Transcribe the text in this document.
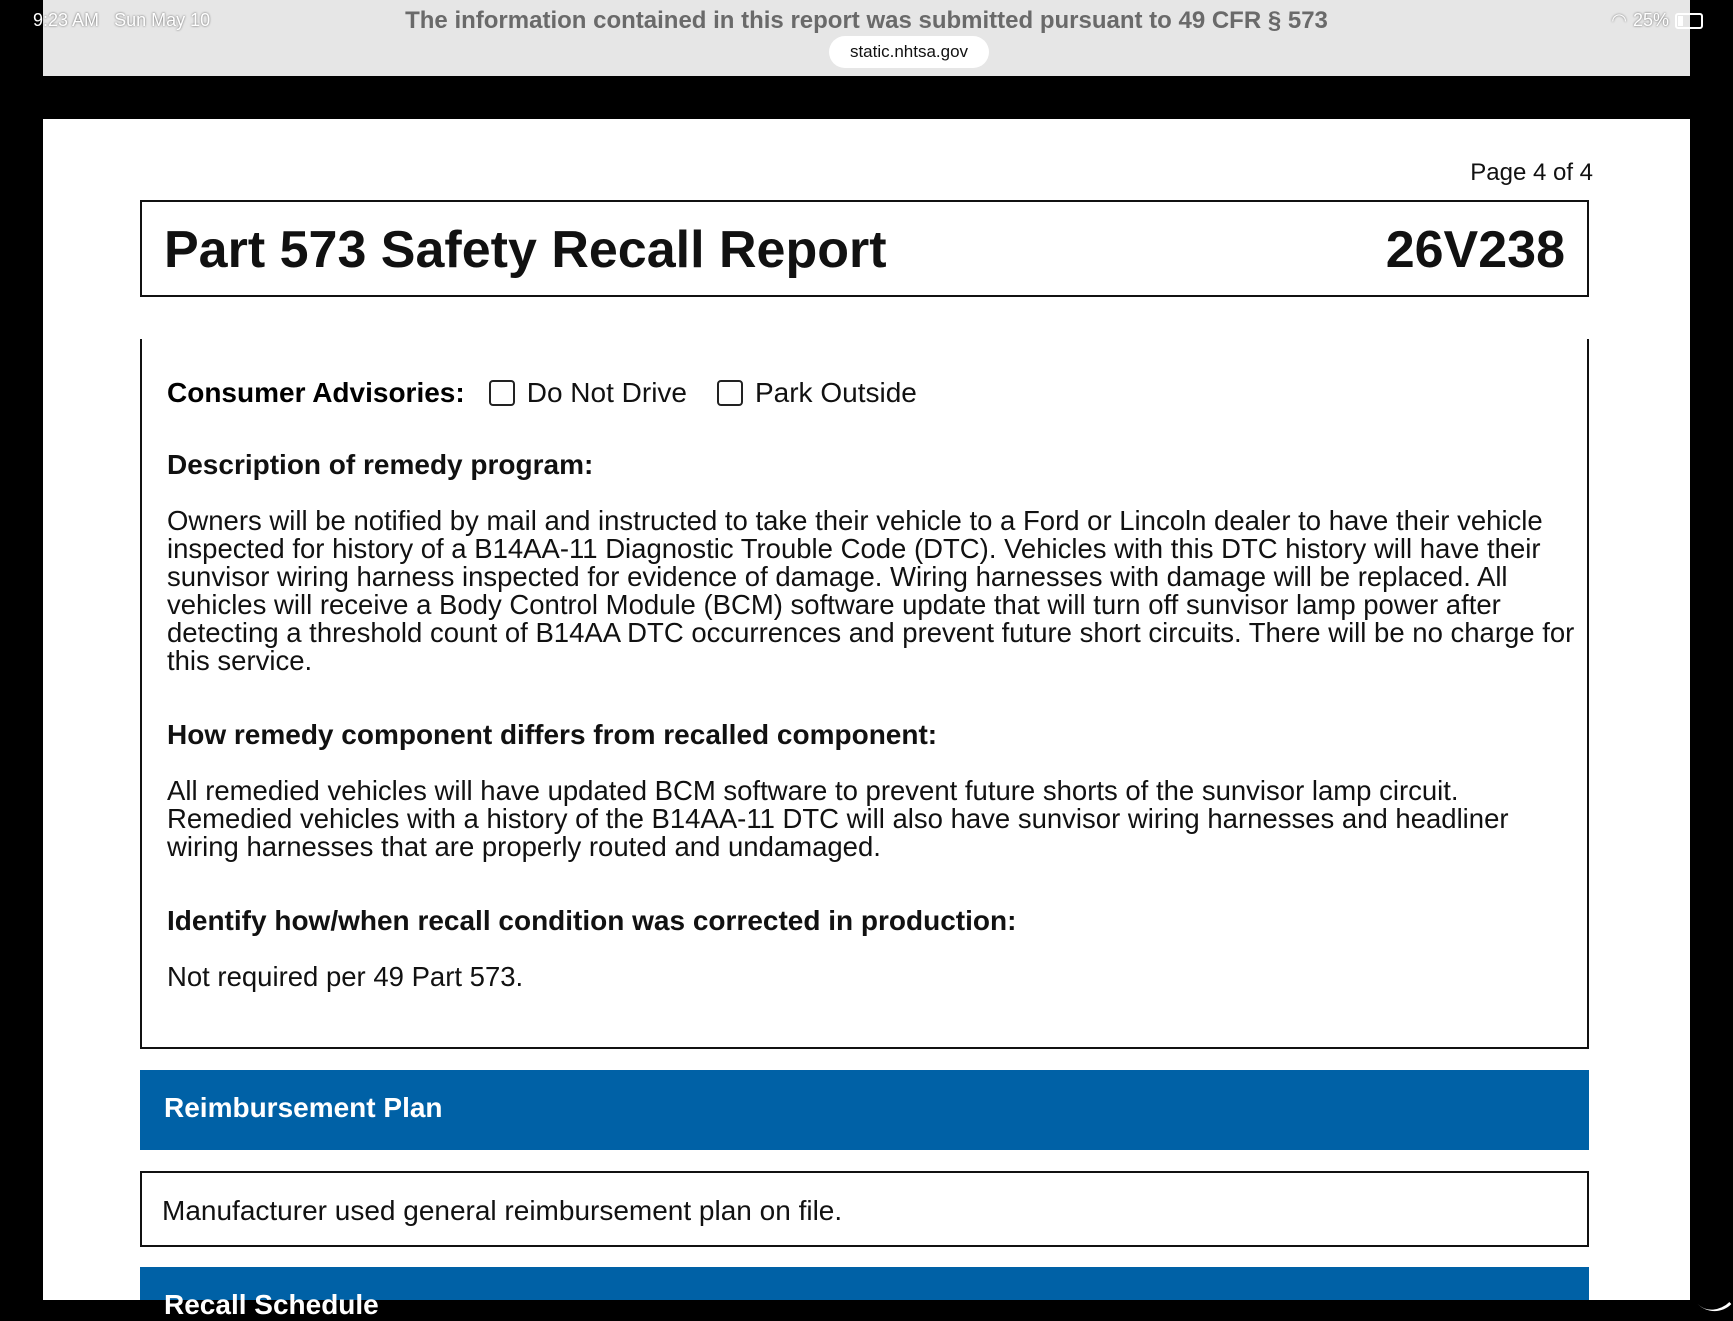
The information contained in this report was submitted pursuant to 49 CFR § 573
static.nhtsa.gov
9:23 AM Sun May 10	◠ 25%
Page 4 of 4
Part 573 Safety Recall Report	26V238
Consumer Advisories: Do Not Drive Park Outside
Description of remedy program:
Owners will be notified by mail and instructed to take their vehicle to a Ford or Lincoln dealer to have their vehicle inspected for history of a B14AA-11 Diagnostic Trouble Code (DTC). Vehicles with this DTC history will have their sunvisor wiring harness inspected for evidence of damage. Wiring harnesses with damage will be replaced. All vehicles will receive a Body Control Module (BCM) software update that will turn off sunvisor lamp power after detecting a threshold count of B14AA DTC occurrences and prevent future short circuits. There will be no charge for this service.
How remedy component differs from recalled component:
All remedied vehicles will have updated BCM software to prevent future shorts of the sunvisor lamp circuit. Remedied vehicles with a history of the B14AA-11 DTC will also have sunvisor wiring harnesses and headliner wiring harnesses that are properly routed and undamaged.
Identify how/when recall condition was corrected in production:
Not required per 49 Part 573.
Reimbursement Plan
Manufacturer used general reimbursement plan on file.
Recall Schedule
